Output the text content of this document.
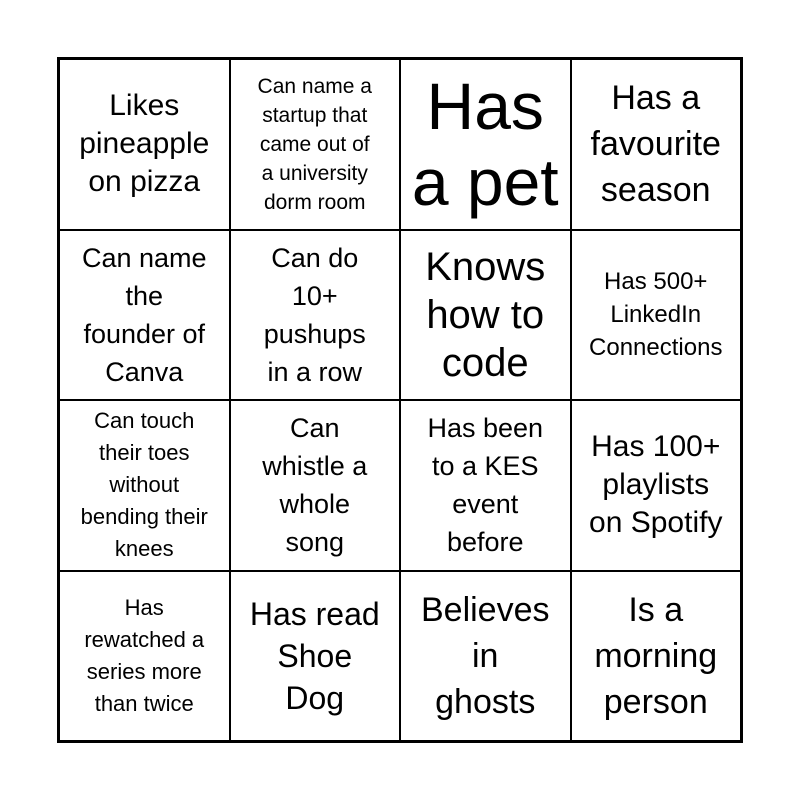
Likes
pineapple
on pizza
Can name a
startup that
came out of
a university
dorm room
Has
a pet
Has a
favourite
season
Can name
the
founder of
Canva
Can do
10+
pushups
in a row
Knows
how to
code
Has 500+
LinkedIn
Connections
Can touch
their toes
without
bending their
knees
Can
whistle a
whole
song
Has been
to a KES
event
before
Has 100+
playlists
on Spotify
Has
rewatched a
series more
than twice
Has read
Shoe
Dog
Believes
in
ghosts
Is a
morning
person
